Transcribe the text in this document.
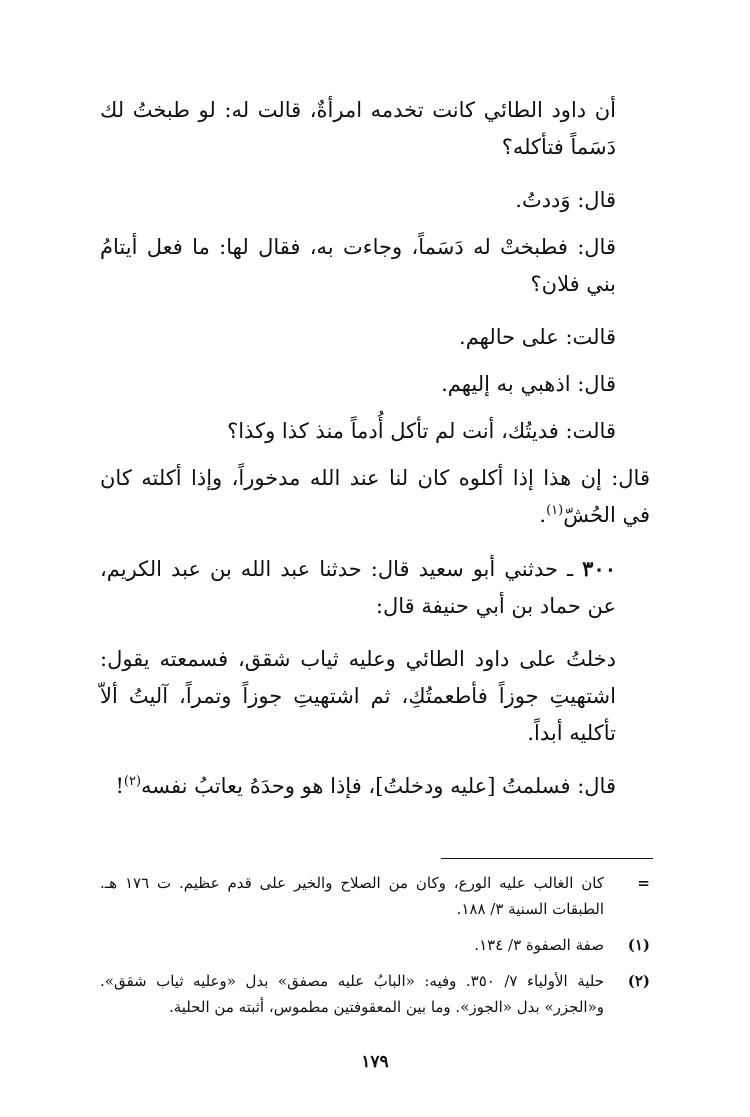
أن داود الطائي كانت تخدمه امرأةٌ، قالت له: لو طبختُ لك دَسَماً فتأكله؟

قال: وَددتُ.

قال: فطبختْ له دَسَماً، وجاءت به، فقال لها: ما فعل أيتامُ بني فلان؟

قالت: على حالهم.

قال: اذهبي به إليهم.

قالت: فديتُك، أنت لم تأكل أُدماً منذ كذا وكذا؟

قال: إن هذا إذا أكلوه كان لنا عند الله مدخوراً، وإذا أكلته كان في الحُشّ$^{(١)}$.

٣٠٠ ـ حدثني أبو سعيد قال: حدثنا عبد الله بن عبد الكريم، عن حماد بن أبي حنيفة قال:

دخلتُ على داود الطائي وعليه ثياب شقق، فسمعته يقول: اشتهيتِ جوزاً فأطعمتُكِ، ثم اشتهيتِ جوزاً وتمراً، آليتُ ألاّ تأكليه أبداً.

قال: فسلمتُ [عليه ودخلتُ]، فإذا هو وحدَهُ يعاتبُ نفسه$^{(٢)}$!

=
كان الغالب عليه الورع، وكان من الصلاح والخير على قدم عظيم. ت ١٧٦ هـ. الطبقات السنية ٣/ ١٨٨.
(١)
صفة الصفوة ٣/ ١٣٤.
(٢)
حلية الأولياء ٧/ ٣٥٠. وفيه: «البابُ عليه مصفق» بدل «وعليه ثياب شقق». و«الجزر» بدل «الجوز». وما بين المعقوفتين مطموس، أثبته من الحلية.
١٧٩
